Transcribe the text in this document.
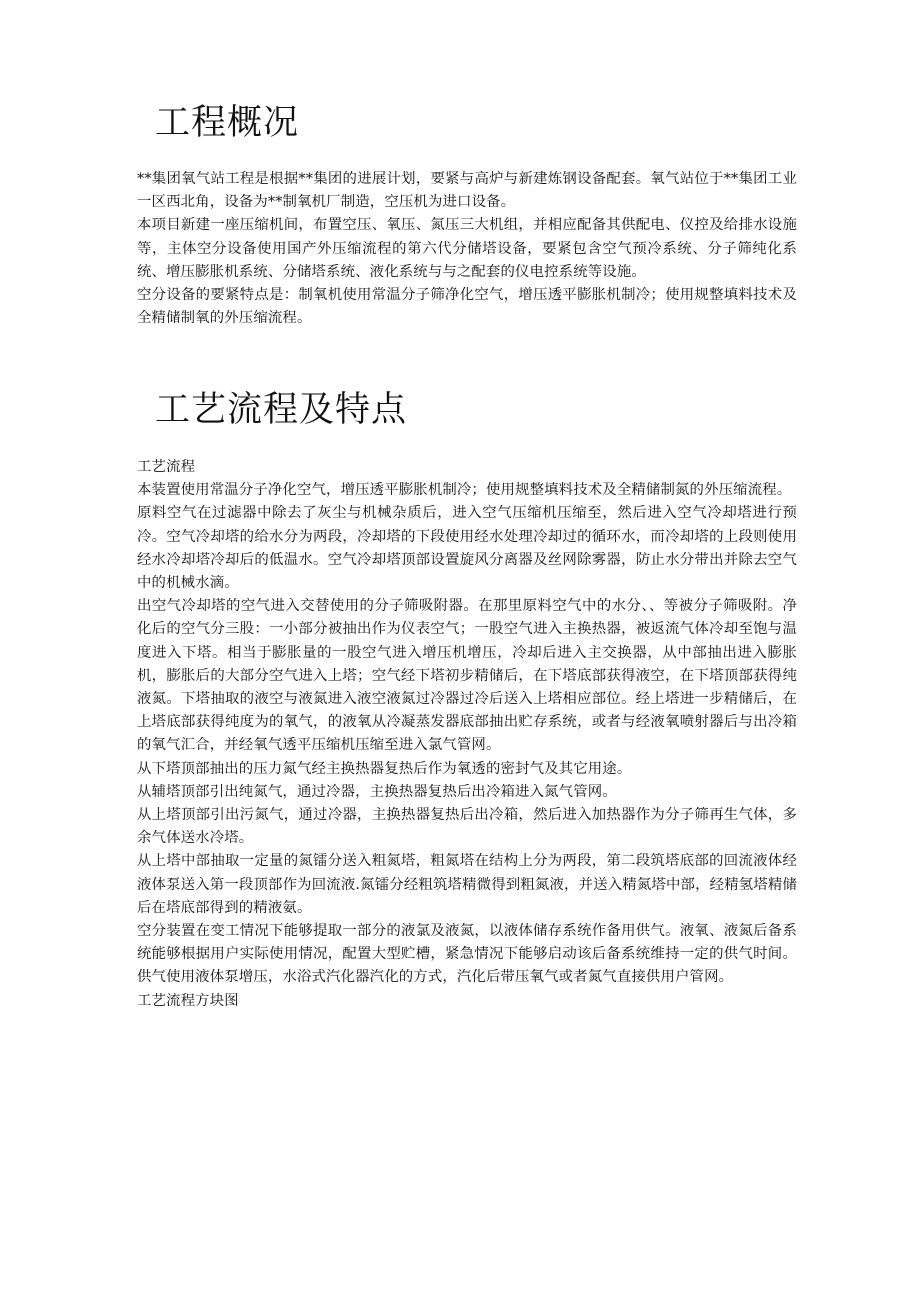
工程概况

**集团氧气站工程是根据**集团的进展计划，要紧与高炉与新建炼钢设备配套。氧气站位于**集团工业一区西北角，设备为**制氧机厂制造，空压机为进口设备。

本项目新建一座压缩机间，布置空压、氧压、氮压三大机组，并相应配备其供配电、仪控及给排水设施等，主体空分设备使用国产外压缩流程的第六代分储塔设备，要紧包含空气预冷系统、分子筛纯化系统、增压膨胀机系统、分储塔系统、液化系统与与之配套的仪电控系统等设施。

空分设备的要紧特点是：制氧机使用常温分子筛净化空气，增压透平膨胀机制冷；使用规整填料技术及全精储制氧的外压缩流程。

工艺流程及特点

工艺流程

本装置使用常温分子净化空气，增压透平膨胀机制冷；使用规整填料技术及全精储制氮的外压缩流程。

原料空气在过滤器中除去了灰尘与机械杂质后，进入空气压缩机压缩至，然后进入空气冷却塔进行预冷。空气冷却塔的给水分为两段，冷却塔的下段使用经水处理冷却过的循环水，而冷却塔的上段则使用经水冷却塔冷却后的低温水。空气冷却塔顶部设置旋风分离器及丝网除雾器，防止水分带出并除去空气中的机械水滴。

出空气冷却塔的空气进入交替使用的分子筛吸附器。在那里原料空气中的水分、、等被分子筛吸附。净化后的空气分三股：一小部分被抽出作为仪表空气；一股空气进入主换热器，被返流气体冷却至饱与温度进入下塔。相当于膨胀量的一股空气进入增压机增压，冷却后进入主交换器，从中部抽出进入膨胀机，膨胀后的大部分空气进入上塔；空气经下塔初步精储后，在下塔底部获得液空，在下塔顶部获得纯液氮。下塔抽取的液空与液氮进入液空液氮过冷器过冷后送入上塔相应部位。经上塔进一步精储后，在上塔底部获得纯度为的氧气，的液氧从冷凝蒸发器底部抽出贮存系统，或者与经液氧喷射器后与出冷箱的氧气汇合，并经氧气透平压缩机压缩至进入氯气管网。

从下塔顶部抽出的压力氮气经主换热器复热后作为氧透的密封气及其它用途。

从辅塔顶部引出纯氮气，通过冷器，主换热器复热后出冷箱进入氮气管网。

从上塔顶部引出污氮气，通过冷器，主换热器复热后出冷箱，然后进入加热器作为分子筛再生气体，多余气体送水冷塔。

从上塔中部抽取一定量的氮镭分送入粗氮塔，粗氮塔在结构上分为两段，第二段筑塔底部的回流液体经液体泵送入第一段顶部作为回流液.氮镭分经粗筑塔精微得到粗氮液，并送入精氮塔中部，经精氢塔精储后在塔底部得到的精液氨。

空分装置在变工情况下能够提取一部分的液氯及液氮，以液体储存系统作备用供气。液氧、液氮后备系统能够根据用户实际使用情况，配置大型贮槽，紧急情况下能够启动该后备系统维持一定的供气时间。供气使用液体泵增压，水浴式汽化器汽化的方式，汽化后带压氧气或者氮气直接供用户管网。

工艺流程方块图
